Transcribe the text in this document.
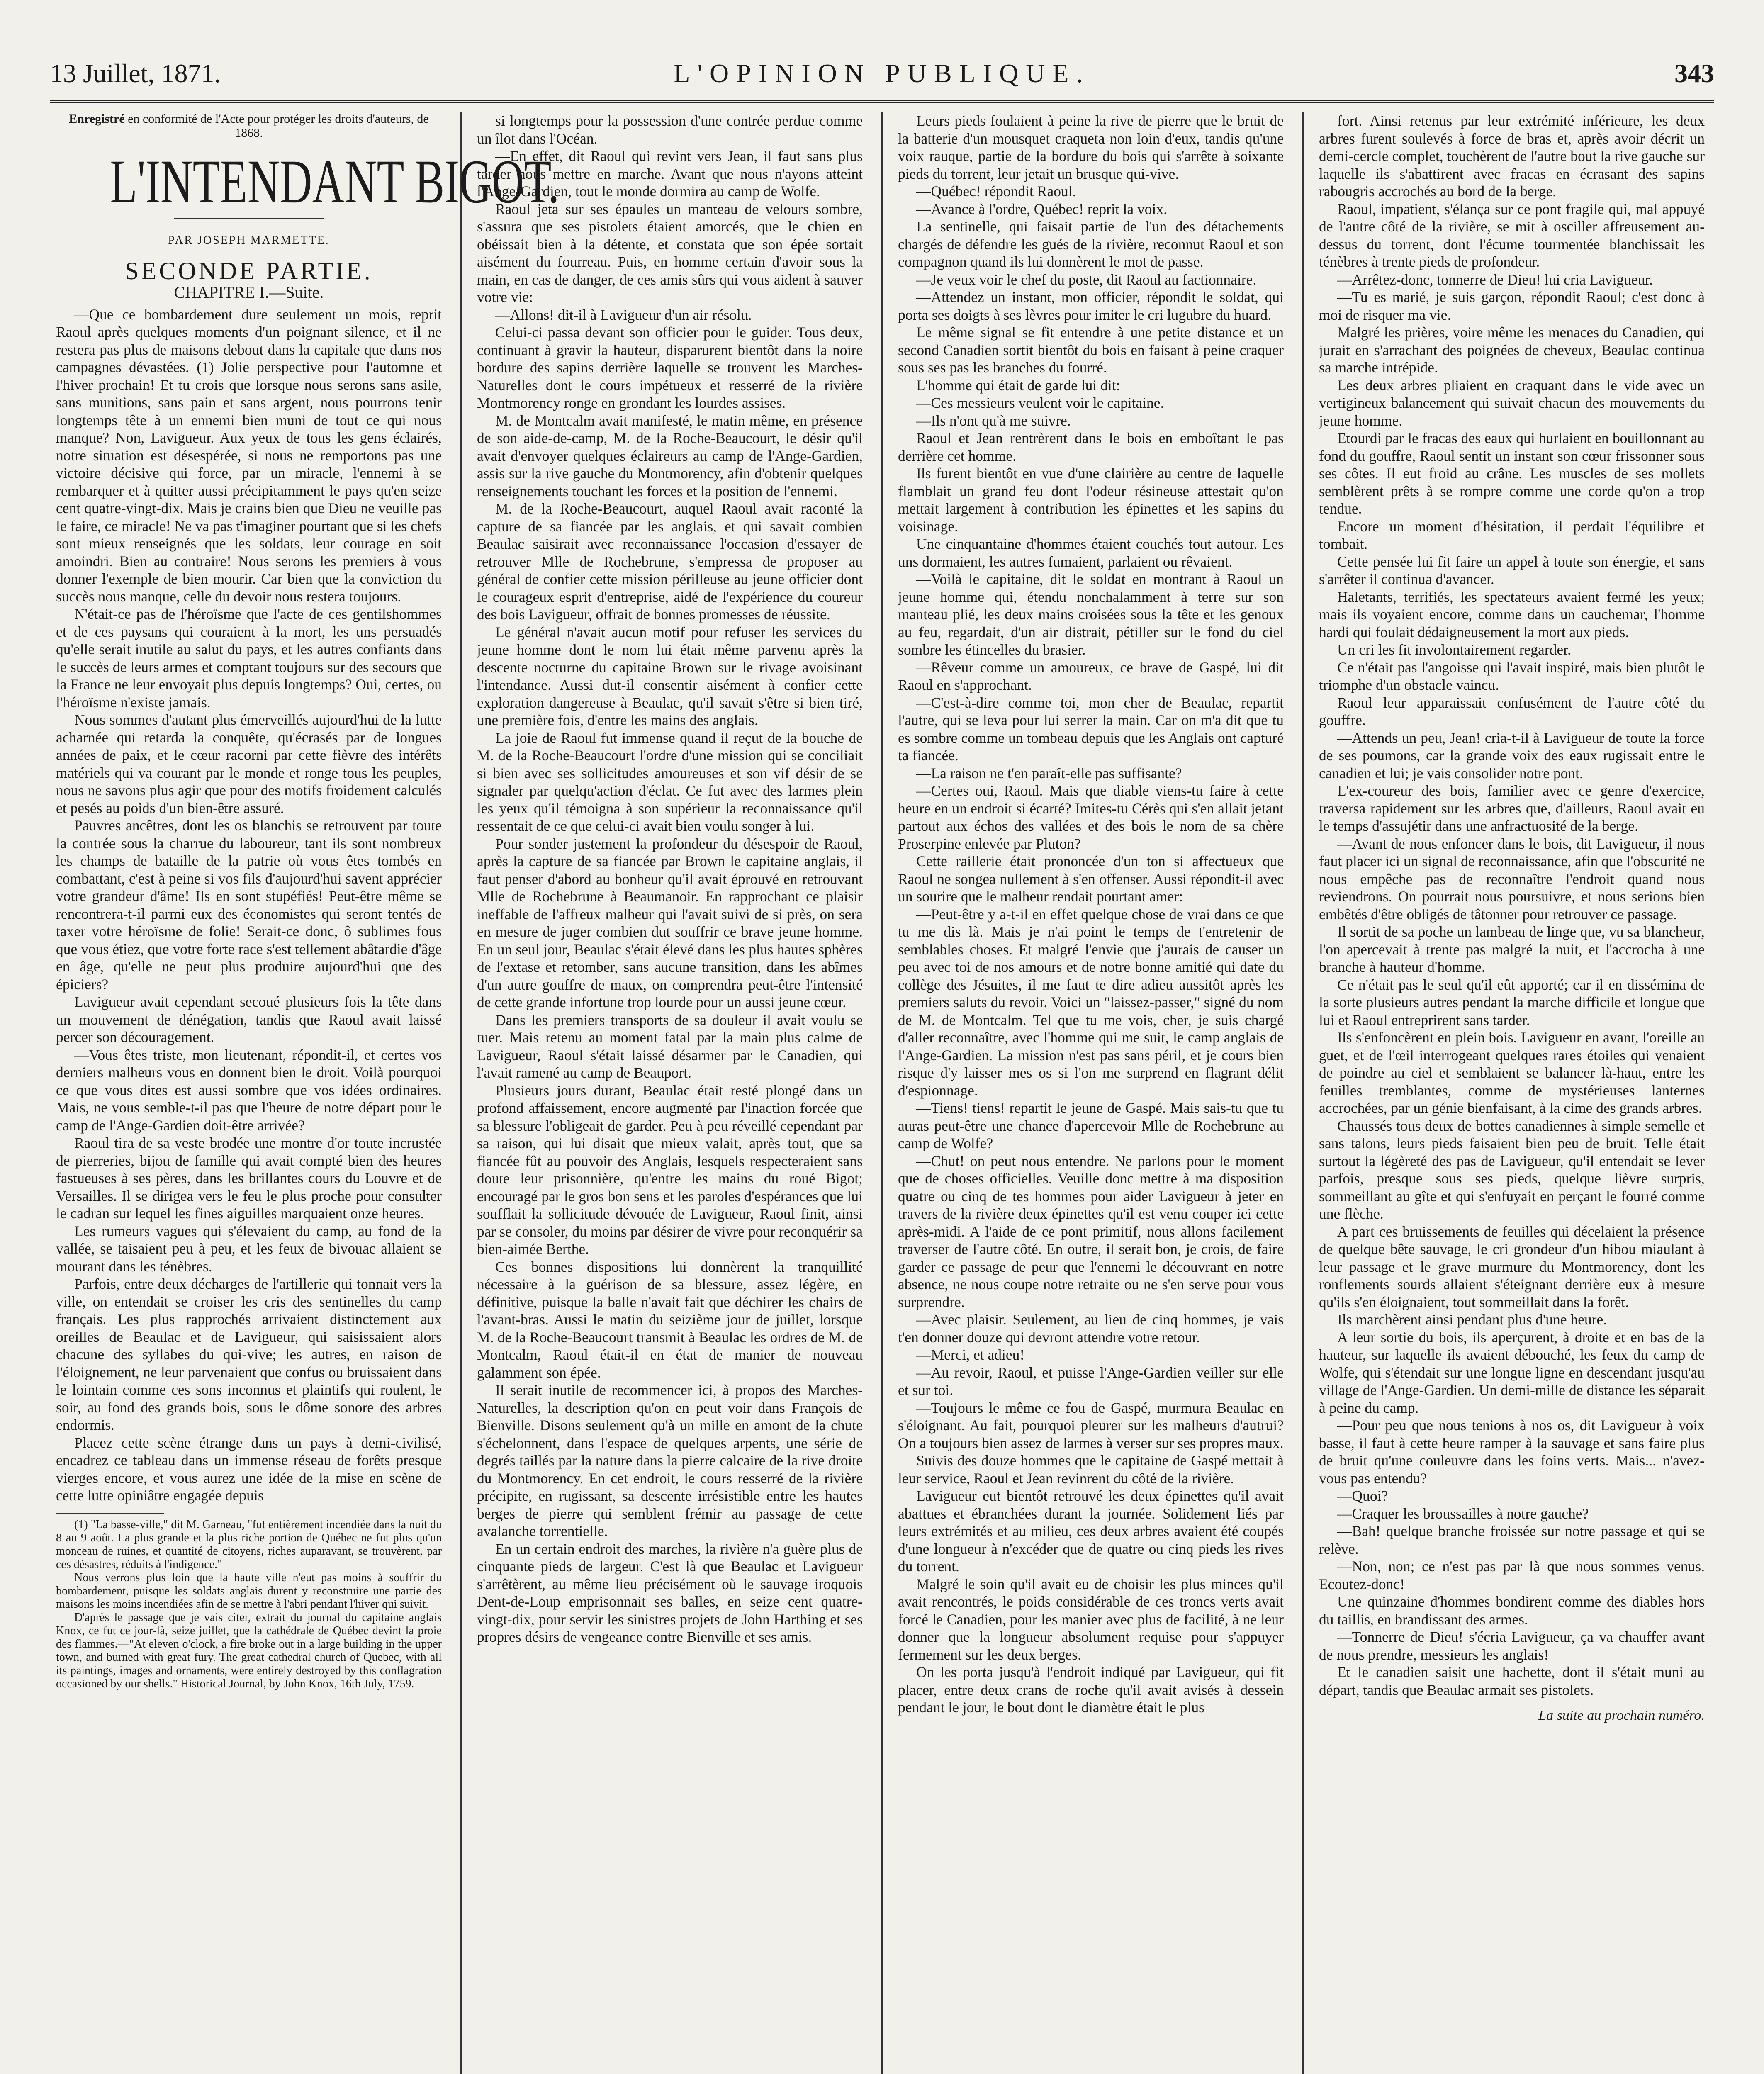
13 Juillet, 1871.	L'OPINION PUBLIQUE.	343
Enregistré en conformité de l'Acte pour protéger les droits d'auteurs, de 1868.
L'INTENDANT BIGOT.
PAR JOSEPH MARMETTE.
SECONDE PARTIE.
CHAPITRE I.—Suite.

—Que ce bombardement dure seulement un mois, reprit Raoul après quelques moments d'un poignant silence, et il ne restera pas plus de maisons debout dans la capitale que dans nos campagnes dévastées. (1) Jolie perspective pour l'automne et l'hiver prochain! Et tu crois que lorsque nous serons sans asile, sans munitions, sans pain et sans argent, nous pourrons tenir longtemps tête à un ennemi bien muni de tout ce qui nous manque? Non, Lavigueur. Aux yeux de tous les gens éclairés, notre situation est désespérée, si nous ne remportons pas une victoire décisive qui force, par un miracle, l'ennemi à se rembarquer et à quitter aussi précipitamment le pays qu'en seize cent quatre-vingt-dix. Mais je crains bien que Dieu ne veuille pas le faire, ce miracle! Ne va pas t'imaginer pourtant que si les chefs sont mieux renseignés que les soldats, leur courage en soit amoindri. Bien au contraire! Nous serons les premiers à vous donner l'exemple de bien mourir. Car bien que la conviction du succès nous manque, celle du devoir nous restera toujours.

N'était-ce pas de l'héroïsme que l'acte de ces gentilshommes et de ces paysans qui couraient à la mort, les uns persuadés qu'elle serait inutile au salut du pays, et les autres confiants dans le succès de leurs armes et comptant toujours sur des secours que la France ne leur envoyait plus depuis longtemps? Oui, certes, ou l'héroïsme n'existe jamais.

Nous sommes d'autant plus émerveillés aujourd'hui de la lutte acharnée qui retarda la conquête, qu'écrasés par de longues années de paix, et le cœur racorni par cette fièvre des intérêts matériels qui va courant par le monde et ronge tous les peuples, nous ne savons plus agir que pour des motifs froidement calculés et pesés au poids d'un bien-être assuré.

Pauvres ancêtres, dont les os blanchis se retrouvent par toute la contrée sous la charrue du laboureur, tant ils sont nombreux les champs de bataille de la patrie où vous êtes tombés en combattant, c'est à peine si vos fils d'aujourd'hui savent apprécier votre grandeur d'âme! Ils en sont stupéfiés! Peut-être même se rencontrera-t-il parmi eux des économistes qui seront tentés de taxer votre héroïsme de folie! Serait-ce donc, ô sublimes fous que vous étiez, que votre forte race s'est tellement abâtardie d'âge en âge, qu'elle ne peut plus produire aujourd'hui que des épiciers?

Lavigueur avait cependant secoué plusieurs fois la tête dans un mouvement de dénégation, tandis que Raoul avait laissé percer son découragement.

—Vous êtes triste, mon lieutenant, répondit-il, et certes vos derniers malheurs vous en donnent bien le droit. Voilà pourquoi ce que vous dites est aussi sombre que vos idées ordinaires. Mais, ne vous semble-t-il pas que l'heure de notre départ pour le camp de l'Ange-Gardien doit-être arrivée?

Raoul tira de sa veste brodée une montre d'or toute incrustée de pierreries, bijou de famille qui avait compté bien des heures fastueuses à ses pères, dans les brillantes cours du Louvre et de Versailles. Il se dirigea vers le feu le plus proche pour consulter le cadran sur lequel les fines aiguilles marquaient onze heures.

Les rumeurs vagues qui s'élevaient du camp, au fond de la vallée, se taisaient peu à peu, et les feux de bivouac allaient se mourant dans les ténèbres.

Parfois, entre deux décharges de l'artillerie qui tonnait vers la ville, on entendait se croiser les cris des sentinelles du camp français. Les plus rapprochés arrivaient distinctement aux oreilles de Beaulac et de Lavigueur, qui saisissaient alors chacune des syllabes du qui-vive; les autres, en raison de l'éloignement, ne leur parvenaient que confus ou bruissaient dans le lointain comme ces sons inconnus et plaintifs qui roulent, le soir, au fond des grands bois, sous le dôme sonore des arbres endormis.

Placez cette scène étrange dans un pays à demi-civilisé, encadrez ce tableau dans un immense réseau de forêts presque vierges encore, et vous aurez une idée de la mise en scène de cette lutte opiniâtre engagée depuis

(1) "La basse-ville," dit M. Garneau, "fut entièrement incendiée dans la nuit du 8 au 9 août. La plus grande et la plus riche portion de Québec ne fut plus qu'un monceau de ruines, et quantité de citoyens, riches auparavant, se trouvèrent, par ces désastres, réduits à l'indigence."

Nous verrons plus loin que la haute ville n'eut pas moins à souffrir du bombardement, puisque les soldats anglais durent y reconstruire une partie des maisons les moins incendiées afin de se mettre à l'abri pendant l'hiver qui suivit.

D'après le passage que je vais citer, extrait du journal du capitaine anglais Knox, ce fut ce jour-là, seize juillet, que la cathédrale de Québec devint la proie des flammes.—"At eleven o'clock, a fire broke out in a large building in the upper town, and burned with great fury. The great cathedral church of Quebec, with all its paintings, images and ornaments, were entirely destroyed by this conflagration occasioned by our shells." Historical Journal, by John Knox, 16th July, 1759.

si longtemps pour la possession d'une contrée perdue comme un îlot dans l'Océan.

—En effet, dit Raoul qui revint vers Jean, il faut sans plus tarder nous mettre en marche. Avant que nous n'ayons atteint l'Ange-Gardien, tout le monde dormira au camp de Wolfe.

Raoul jeta sur ses épaules un manteau de velours sombre, s'assura que ses pistolets étaient amorcés, que le chien en obéissait bien à la détente, et constata que son épée sortait aisément du fourreau. Puis, en homme certain d'avoir sous la main, en cas de danger, de ces amis sûrs qui vous aident à sauver votre vie:

—Allons! dit-il à Lavigueur d'un air résolu.

Celui-ci passa devant son officier pour le guider. Tous deux, continuant à gravir la hauteur, disparurent bientôt dans la noire bordure des sapins derrière laquelle se trouvent les Marches-Naturelles dont le cours impétueux et resserré de la rivière Montmorency ronge en grondant les lourdes assises.

M. de Montcalm avait manifesté, le matin même, en présence de son aide-de-camp, M. de la Roche-Beaucourt, le désir qu'il avait d'envoyer quelques éclaireurs au camp de l'Ange-Gardien, assis sur la rive gauche du Montmorency, afin d'obtenir quelques renseignements touchant les forces et la position de l'ennemi.

M. de la Roche-Beaucourt, auquel Raoul avait raconté la capture de sa fiancée par les anglais, et qui savait combien Beaulac saisirait avec reconnaissance l'occasion d'essayer de retrouver Mlle de Rochebrune, s'empressa de proposer au général de confier cette mission périlleuse au jeune officier dont le courageux esprit d'entreprise, aidé de l'expérience du coureur des bois Lavigueur, offrait de bonnes promesses de réussite.

Le général n'avait aucun motif pour refuser les services du jeune homme dont le nom lui était même parvenu après la descente nocturne du capitaine Brown sur le rivage avoisinant l'intendance. Aussi dut-il consentir aisément à confier cette exploration dangereuse à Beaulac, qu'il savait s'être si bien tiré, une première fois, d'entre les mains des anglais.

La joie de Raoul fut immense quand il reçut de la bouche de M. de la Roche-Beaucourt l'ordre d'une mission qui se conciliait si bien avec ses sollicitudes amoureuses et son vif désir de se signaler par quelqu'action d'éclat. Ce fut avec des larmes plein les yeux qu'il témoigna à son supérieur la reconnaissance qu'il ressentait de ce que celui-ci avait bien voulu songer à lui.

Pour sonder justement la profondeur du désespoir de Raoul, après la capture de sa fiancée par Brown le capitaine anglais, il faut penser d'abord au bonheur qu'il avait éprouvé en retrouvant Mlle de Rochebrune à Beaumanoir. En rapprochant ce plaisir ineffable de l'affreux malheur qui l'avait suivi de si près, on sera en mesure de juger combien dut souffrir ce brave jeune homme. En un seul jour, Beaulac s'était élevé dans les plus hautes sphères de l'extase et retomber, sans aucune transition, dans les abîmes d'un autre gouffre de maux, on comprendra peut-être l'intensité de cette grande infortune trop lourde pour un aussi jeune cœur.

Dans les premiers transports de sa douleur il avait voulu se tuer. Mais retenu au moment fatal par la main plus calme de Lavigueur, Raoul s'était laissé désarmer par le Canadien, qui l'avait ramené au camp de Beauport.

Plusieurs jours durant, Beaulac était resté plongé dans un profond affaissement, encore augmenté par l'inaction forcée que sa blessure l'obligeait de garder. Peu à peu réveillé cependant par sa raison, qui lui disait que mieux valait, après tout, que sa fiancée fût au pouvoir des Anglais, lesquels respecteraient sans doute leur prisonnière, qu'entre les mains du roué Bigot; encouragé par le gros bon sens et les paroles d'espérances que lui soufflait la sollicitude dévouée de Lavigueur, Raoul finit, ainsi par se consoler, du moins par désirer de vivre pour reconquérir sa bien-aimée Berthe.

Ces bonnes dispositions lui donnèrent la tranquillité nécessaire à la guérison de sa blessure, assez légère, en définitive, puisque la balle n'avait fait que déchirer les chairs de l'avant-bras. Aussi le matin du seizième jour de juillet, lorsque M. de la Roche-Beaucourt transmit à Beaulac les ordres de M. de Montcalm, Raoul était-il en état de manier de nouveau galamment son épée.

Il serait inutile de recommencer ici, à propos des Marches-Naturelles, la description qu'on en peut voir dans François de Bienville. Disons seulement qu'à un mille en amont de la chute s'échelonnent, dans l'espace de quelques arpents, une série de degrés taillés par la nature dans la pierre calcaire de la rive droite du Montmorency. En cet endroit, le cours resserré de la rivière précipite, en rugissant, sa descente irrésistible entre les hautes berges de pierre qui semblent frémir au passage de cette avalanche torrentielle.

En un certain endroit des marches, la rivière n'a guère plus de cinquante pieds de largeur. C'est là que Beaulac et Lavigueur s'arrêtèrent, au même lieu précisément où le sauvage iroquois Dent-de-Loup emprisonnait ses balles, en seize cent quatre-vingt-dix, pour servir les sinistres projets de John Harthing et ses propres désirs de vengeance contre Bienville et ses amis.

Leurs pieds foulaient à peine la rive de pierre que le bruit de la batterie d'un mousquet craqueta non loin d'eux, tandis qu'une voix rauque, partie de la bordure du bois qui s'arrête à soixante pieds du torrent, leur jetait un brusque qui-vive.

—Québec! répondit Raoul.

—Avance à l'ordre, Québec! reprit la voix.

La sentinelle, qui faisait partie de l'un des détachements chargés de défendre les gués de la rivière, reconnut Raoul et son compagnon quand ils lui donnèrent le mot de passe.

—Je veux voir le chef du poste, dit Raoul au factionnaire.

—Attendez un instant, mon officier, répondit le soldat, qui porta ses doigts à ses lèvres pour imiter le cri lugubre du huard.

Le même signal se fit entendre à une petite distance et un second Canadien sortit bientôt du bois en faisant à peine craquer sous ses pas les branches du fourré.

L'homme qui était de garde lui dit:

—Ces messieurs veulent voir le capitaine.

—Ils n'ont qu'à me suivre.

Raoul et Jean rentrèrent dans le bois en emboîtant le pas derrière cet homme.

Ils furent bientôt en vue d'une clairière au centre de laquelle flamblait un grand feu dont l'odeur résineuse attestait qu'on mettait largement à contribution les épinettes et les sapins du voisinage.

Une cinquantaine d'hommes étaient couchés tout autour. Les uns dormaient, les autres fumaient, parlaient ou rêvaient.

—Voilà le capitaine, dit le soldat en montrant à Raoul un jeune homme qui, étendu nonchalamment à terre sur son manteau plié, les deux mains croisées sous la tête et les genoux au feu, regardait, d'un air distrait, pétiller sur le fond du ciel sombre les étincelles du brasier.

—Rêveur comme un amoureux, ce brave de Gaspé, lui dit Raoul en s'approchant.

—C'est-à-dire comme toi, mon cher de Beaulac, repartit l'autre, qui se leva pour lui serrer la main. Car on m'a dit que tu es sombre comme un tombeau depuis que les Anglais ont capturé ta fiancée.

—La raison ne t'en paraît-elle pas suffisante?

—Certes oui, Raoul. Mais que diable viens-tu faire à cette heure en un endroit si écarté? Imites-tu Cérès qui s'en allait jetant partout aux échos des vallées et des bois le nom de sa chère Proserpine enlevée par Pluton?

Cette raillerie était prononcée d'un ton si affectueux que Raoul ne songea nullement à s'en offenser. Aussi répondit-il avec un sourire que le malheur rendait pourtant amer:

—Peut-être y a-t-il en effet quelque chose de vrai dans ce que tu me dis là. Mais je n'ai point le temps de t'entretenir de semblables choses. Et malgré l'envie que j'aurais de causer un peu avec toi de nos amours et de notre bonne amitié qui date du collège des Jésuites, il me faut te dire adieu aussitôt après les premiers saluts du revoir. Voici un "laissez-passer," signé du nom de M. de Montcalm. Tel que tu me vois, cher, je suis chargé d'aller reconnaître, avec l'homme qui me suit, le camp anglais de l'Ange-Gardien. La mission n'est pas sans péril, et je cours bien risque d'y laisser mes os si l'on me surprend en flagrant délit d'espionnage.

—Tiens! tiens! repartit le jeune de Gaspé. Mais sais-tu que tu auras peut-être une chance d'apercevoir Mlle de Rochebrune au camp de Wolfe?

—Chut! on peut nous entendre. Ne parlons pour le moment que de choses officielles. Veuille donc mettre à ma disposition quatre ou cinq de tes hommes pour aider Lavigueur à jeter en travers de la rivière deux épinettes qu'il est venu couper ici cette après-midi. A l'aide de ce pont primitif, nous allons facilement traverser de l'autre côté. En outre, il serait bon, je crois, de faire garder ce passage de peur que l'ennemi le découvrant en notre absence, ne nous coupe notre retraite ou ne s'en serve pour vous surprendre.

—Avec plaisir. Seulement, au lieu de cinq hommes, je vais t'en donner douze qui devront attendre votre retour.

—Merci, et adieu!

—Au revoir, Raoul, et puisse l'Ange-Gardien veiller sur elle et sur toi.

—Toujours le même ce fou de Gaspé, murmura Beaulac en s'éloignant. Au fait, pourquoi pleurer sur les malheurs d'autrui? On a toujours bien assez de larmes à verser sur ses propres maux.

Suivis des douze hommes que le capitaine de Gaspé mettait à leur service, Raoul et Jean revinrent du côté de la rivière.

Lavigueur eut bientôt retrouvé les deux épinettes qu'il avait abattues et ébranchées durant la journée. Solidement liés par leurs extrémités et au milieu, ces deux arbres avaient été coupés d'une longueur à n'excéder que de quatre ou cinq pieds les rives du torrent.

Malgré le soin qu'il avait eu de choisir les plus minces qu'il avait rencontrés, le poids considérable de ces troncs verts avait forcé le Canadien, pour les manier avec plus de facilité, à ne leur donner que la longueur absolument requise pour s'appuyer fermement sur les deux berges.

On les porta jusqu'à l'endroit indiqué par Lavigueur, qui fit placer, entre deux crans de roche qu'il avait avisés à dessein pendant le jour, le bout dont le diamètre était le plus

fort. Ainsi retenus par leur extrémité inférieure, les deux arbres furent soulevés à force de bras et, après avoir décrit un demi-cercle complet, touchèrent de l'autre bout la rive gauche sur laquelle ils s'abattirent avec fracas en écrasant des sapins rabougris accrochés au bord de la berge.

Raoul, impatient, s'élança sur ce pont fragile qui, mal appuyé de l'autre côté de la rivière, se mit à osciller affreusement au-dessus du torrent, dont l'écume tourmentée blanchissait les ténèbres à trente pieds de profondeur.

—Arrêtez-donc, tonnerre de Dieu! lui cria Lavigueur.

—Tu es marié, je suis garçon, répondit Raoul; c'est donc à moi de risquer ma vie.

Malgré les prières, voire même les menaces du Canadien, qui jurait en s'arrachant des poignées de cheveux, Beaulac continua sa marche intrépide.

Les deux arbres pliaient en craquant dans le vide avec un vertigineux balancement qui suivait chacun des mouvements du jeune homme.

Etourdi par le fracas des eaux qui hurlaient en bouillonnant au fond du gouffre, Raoul sentit un instant son cœur frissonner sous ses côtes. Il eut froid au crâne. Les muscles de ses mollets semblèrent prêts à se rompre comme une corde qu'on a trop tendue.

Encore un moment d'hésitation, il perdait l'équilibre et tombait.

Cette pensée lui fit faire un appel à toute son énergie, et sans s'arrêter il continua d'avancer.

Haletants, terrifiés, les spectateurs avaient fermé les yeux; mais ils voyaient encore, comme dans un cauchemar, l'homme hardi qui foulait dédaigneusement la mort aux pieds.

Un cri les fit involontairement regarder.

Ce n'était pas l'angoisse qui l'avait inspiré, mais bien plutôt le triomphe d'un obstacle vaincu.

Raoul leur apparaissait confusément de l'autre côté du gouffre.

—Attends un peu, Jean! cria-t-il à Lavigueur de toute la force de ses poumons, car la grande voix des eaux rugissait entre le canadien et lui; je vais consolider notre pont.

L'ex-coureur des bois, familier avec ce genre d'exercice, traversa rapidement sur les arbres que, d'ailleurs, Raoul avait eu le temps d'assujétir dans une anfractuosité de la berge.

—Avant de nous enfoncer dans le bois, dit Lavigueur, il nous faut placer ici un signal de reconnaissance, afin que l'obscurité ne nous empêche pas de reconnaître l'endroit quand nous reviendrons. On pourrait nous poursuivre, et nous serions bien embêtés d'être obligés de tâtonner pour retrouver ce passage.

Il sortit de sa poche un lambeau de linge que, vu sa blancheur, l'on apercevait à trente pas malgré la nuit, et l'accrocha à une branche à hauteur d'homme.

Ce n'était pas le seul qu'il eût apporté; car il en dissémina de la sorte plusieurs autres pendant la marche difficile et longue que lui et Raoul entreprirent sans tarder.

Ils s'enfoncèrent en plein bois. Lavigueur en avant, l'oreille au guet, et de l'œil interrogeant quelques rares étoiles qui venaient de poindre au ciel et semblaient se balancer là-haut, entre les feuilles tremblantes, comme de mystérieuses lanternes accrochées, par un génie bienfaisant, à la cime des grands arbres.

Chaussés tous deux de bottes canadiennes à simple semelle et sans talons, leurs pieds faisaient bien peu de bruit. Telle était surtout la légèreté des pas de Lavigueur, qu'il entendait se lever parfois, presque sous ses pieds, quelque lièvre surpris, sommeillant au gîte et qui s'enfuyait en perçant le fourré comme une flèche.

A part ces bruissements de feuilles qui décelaient la présence de quelque bête sauvage, le cri grondeur d'un hibou miaulant à leur passage et le grave murmure du Montmorency, dont les ronflements sourds allaient s'éteignant derrière eux à mesure qu'ils s'en éloignaient, tout sommeillait dans la forêt.

Ils marchèrent ainsi pendant plus d'une heure.

A leur sortie du bois, ils aperçurent, à droite et en bas de la hauteur, sur laquelle ils avaient débouché, les feux du camp de Wolfe, qui s'étendait sur une longue ligne en descendant jusqu'au village de l'Ange-Gardien. Un demi-mille de distance les séparait à peine du camp.

—Pour peu que nous tenions à nos os, dit Lavigueur à voix basse, il faut à cette heure ramper à la sauvage et sans faire plus de bruit qu'une couleuvre dans les foins verts. Mais... n'avez-vous pas entendu?

—Quoi?

—Craquer les broussailles à notre gauche?

—Bah! quelque branche froissée sur notre passage et qui se relève.

—Non, non; ce n'est pas par là que nous sommes venus. Ecoutez-donc!

Une quinzaine d'hommes bondirent comme des diables hors du taillis, en brandissant des armes.

—Tonnerre de Dieu! s'écria Lavigueur, ça va chauffer avant de nous prendre, messieurs les anglais!

Et le canadien saisit une hachette, dont il s'était muni au départ, tandis que Beaulac armait ses pistolets.

La suite au prochain numéro.
